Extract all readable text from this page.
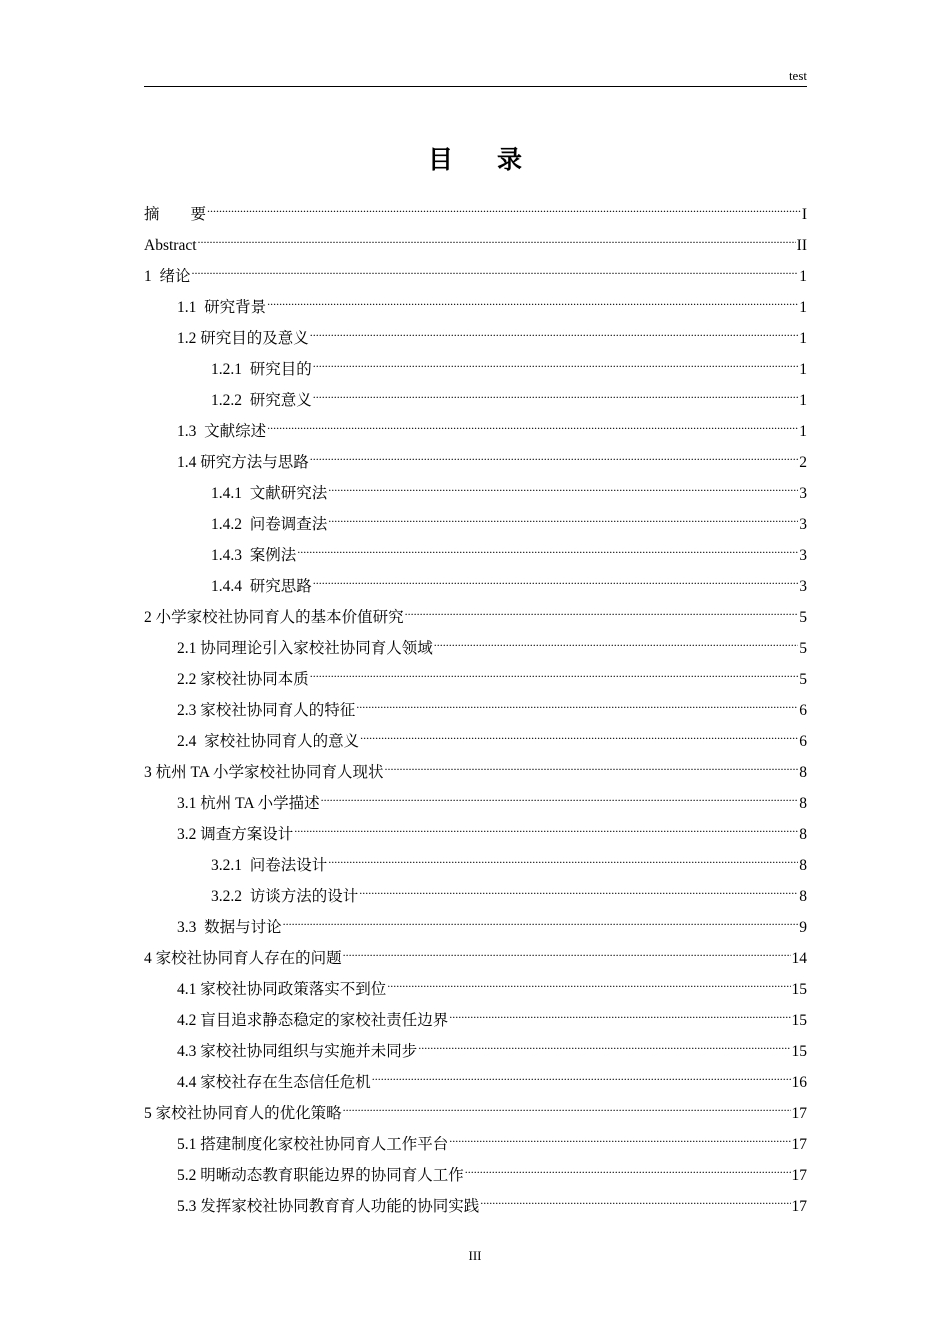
test
目录
摘        要 .....	I
Abstract .....	II
1  绪论 .....	1
1.1  研究背景 .....	1
1.2 研究目的及意义 .....	1
1.2.1  研究目的 .....	1
1.2.2  研究意义 .....	1
1.3  文献综述 .....	1
1.4 研究方法与思路 .....	2
1.4.1  文献研究法 .....	3
1.4.2  问卷调查法 .....	3
1.4.3  案例法 .....	3
1.4.4  研究思路 .....	3
2 小学家校社协同育人的基本价值研究 .....	5
2.1 协同理论引入家校社协同育人领域 .....	5
2.2 家校社协同本质 .....	5
2.3 家校社协同育人的特征 .....	6
2.4  家校社协同育人的意义 .....	6
3 杭州 TA 小学家校社协同育人现状 .....	8
3.1 杭州 TA 小学描述 .....	8
3.2 调查方案设计 .....	8
3.2.1  问卷法设计 .....	8
3.2.2  访谈方法的设计 .....	8
3.3  数据与讨论 .....	9
4 家校社协同育人存在的问题 .....	14
4.1 家校社协同政策落实不到位 .....	15
4.2 盲目追求静态稳定的家校社责任边界 .....	15
4.3 家校社协同组织与实施并未同步 .....	15
4.4 家校社存在生态信任危机 .....	16
5 家校社协同育人的优化策略 .....	17
5.1 搭建制度化家校社协同育人工作平台 .....	17
5.2 明晰动态教育职能边界的协同育人工作 .....	17
5.3 发挥家校社协同教育育人功能的协同实践 .....	17
III
